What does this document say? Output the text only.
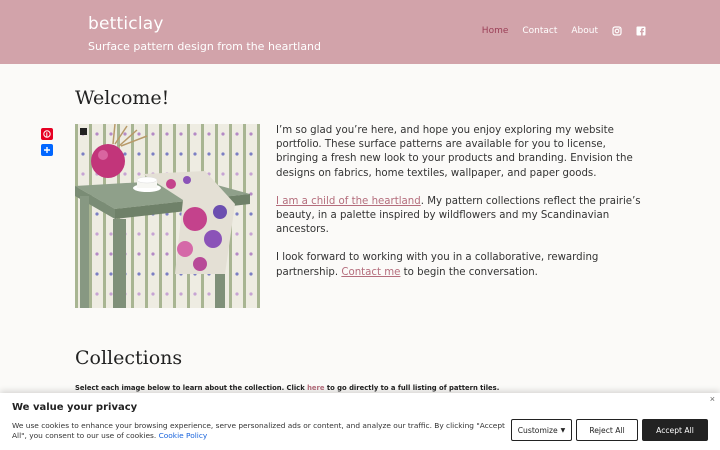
betticlay
Surface pattern design from the heartland
Home Contact About
Welcome!

I’m so glad you’re here, and hope you enjoy exploring my website portfolio. These surface patterns are available for you to license, bringing a fresh new look to your products and branding. Envision the designs on fabrics, home textiles, wallpaper, and paper goods.

I am a child of the heartland. My pattern collections reflect the prairie’s beauty, in a palette inspired by wildflowers and my Scandinavian ancestors.

I look forward to working with you in a collaborative, rewarding partnership. Contact me to begin the conversation.

Collections
Select each image below to learn about the collection. Click here to go directly to a full listing of pattern tiles.
We value your privacy
×
We use cookies to enhance your browsing experience, serve personalized ads or content, and analyze our traffic. By clicking "Accept All", you consent to our use of cookies. Cookie Policy
Customize ▼	Reject All	Accept All
